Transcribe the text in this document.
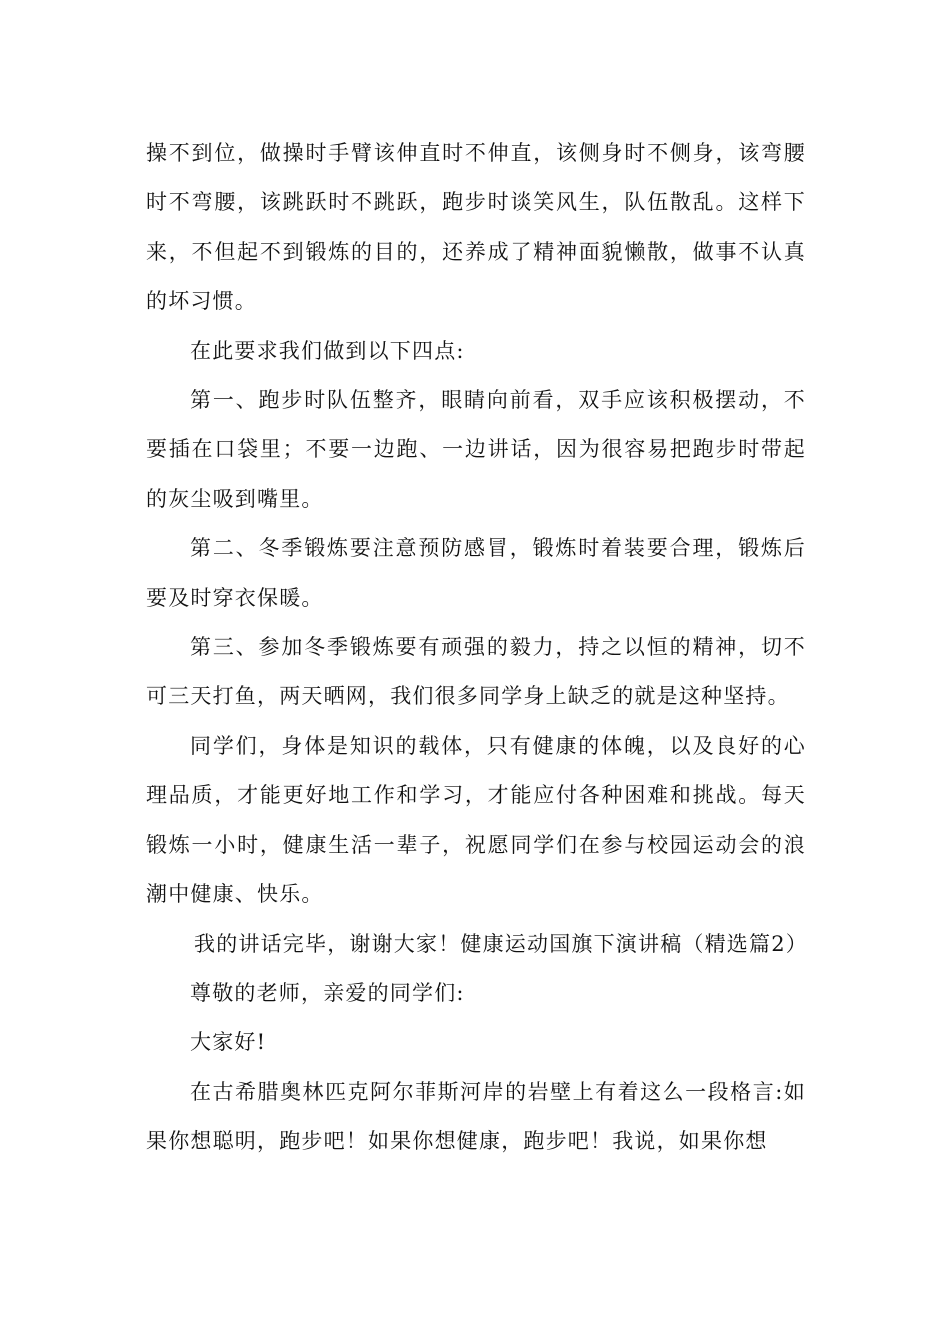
操不到位，做操时手臂该伸直时不伸直，该侧身时不侧身，该弯腰时不弯腰，该跳跃时不跳跃，跑步时谈笑风生，队伍散乱。这样下来，不但起不到锻炼的目的，还养成了精神面貌懒散，做事不认真的坏习惯。

在此要求我们做到以下四点:

第一、跑步时队伍整齐，眼睛向前看，双手应该积极摆动，不要插在口袋里；不要一边跑、一边讲话，因为很容易把跑步时带起的灰尘吸到嘴里。

第二、冬季锻炼要注意预防感冒，锻炼时着装要合理，锻炼后要及时穿衣保暖。

第三、参加冬季锻炼要有顽强的毅力，持之以恒的精神，切不可三天打鱼，两天晒网，我们很多同学身上缺乏的就是这种坚持。

同学们，身体是知识的载体，只有健康的体魄，以及良好的心理品质，才能更好地工作和学习，才能应付各种困难和挑战。每天锻炼一小时，健康生活一辈子，祝愿同学们在参与校园运动会的浪潮中健康、快乐。

我的讲话完毕，谢谢大家！健康运动国旗下演讲稿（精选篇2）

尊敬的老师，亲爱的同学们:

大家好!

在古希腊奥林匹克阿尔菲斯河岸的岩壁上有着这么一段格言:如果你想聪明，跑步吧！如果你想健康，跑步吧！我说，如果你想
